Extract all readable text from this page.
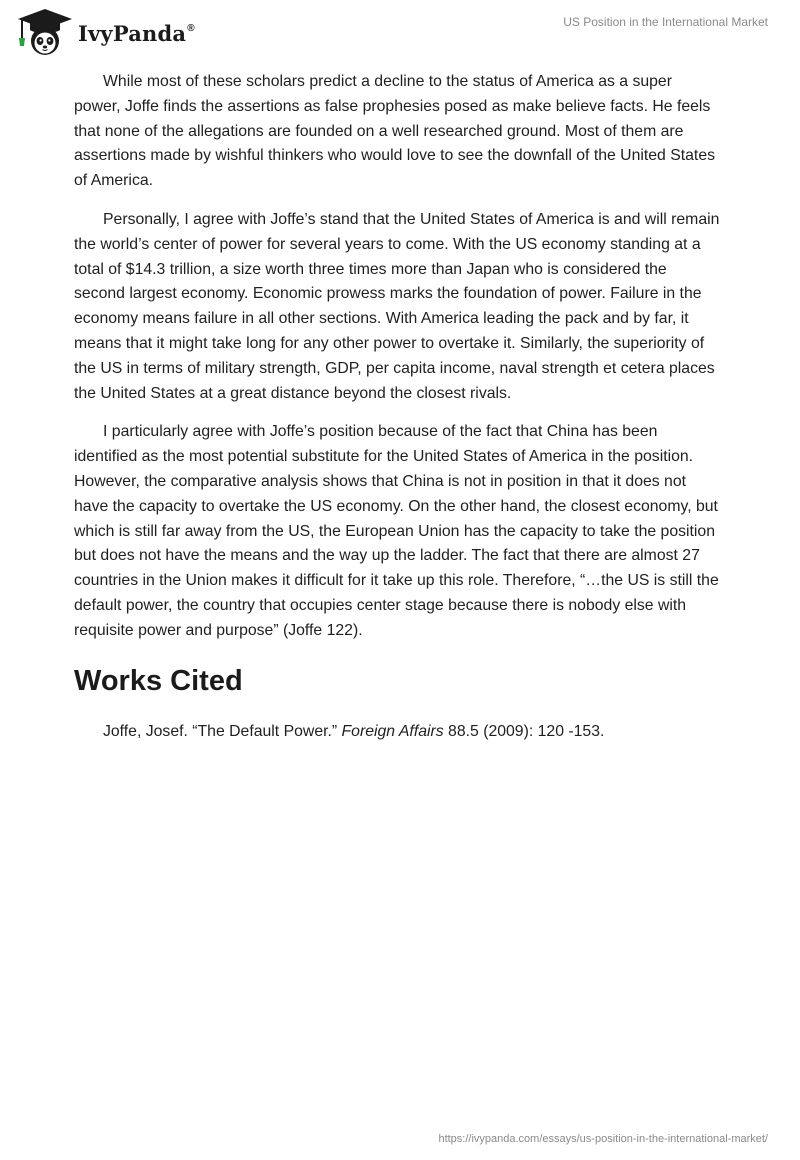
IvyPanda®	US Position in the International Market

While most of these scholars predict a decline to the status of America as a super power, Joffe finds the assertions as false prophesies posed as make believe facts. He feels that none of the allegations are founded on a well researched ground. Most of them are assertions made by wishful thinkers who would love to see the downfall of the United States of America.

Personally, I agree with Joffe’s stand that the United States of America is and will remain the world’s center of power for several years to come. With the US economy standing at a total of $14.3 trillion, a size worth three times more than Japan who is considered the second largest economy. Economic prowess marks the foundation of power. Failure in the economy means failure in all other sections. With America leading the pack and by far, it means that it might take long for any other power to overtake it. Similarly, the superiority of the US in terms of military strength, GDP, per capita income, naval strength et cetera places the United States at a great distance beyond the closest rivals.

I particularly agree with Joffe’s position because of the fact that China has been identified as the most potential substitute for the United States of America in the position. However, the comparative analysis shows that China is not in position in that it does not have the capacity to overtake the US economy. On the other hand, the closest economy, but which is still far away from the US, the European Union has the capacity to take the position but does not have the means and the way up the ladder. The fact that there are almost 27 countries in the Union makes it difficult for it take up this role. Therefore, “…the US is still the default power, the country that occupies center stage because there is nobody else with requisite power and purpose” (Joffe 122).

Works Cited
Joffe, Josef. “The Default Power.” Foreign Affairs 88.5 (2009): 120 -153.
https://ivypanda.com/essays/us-position-in-the-international-market/
